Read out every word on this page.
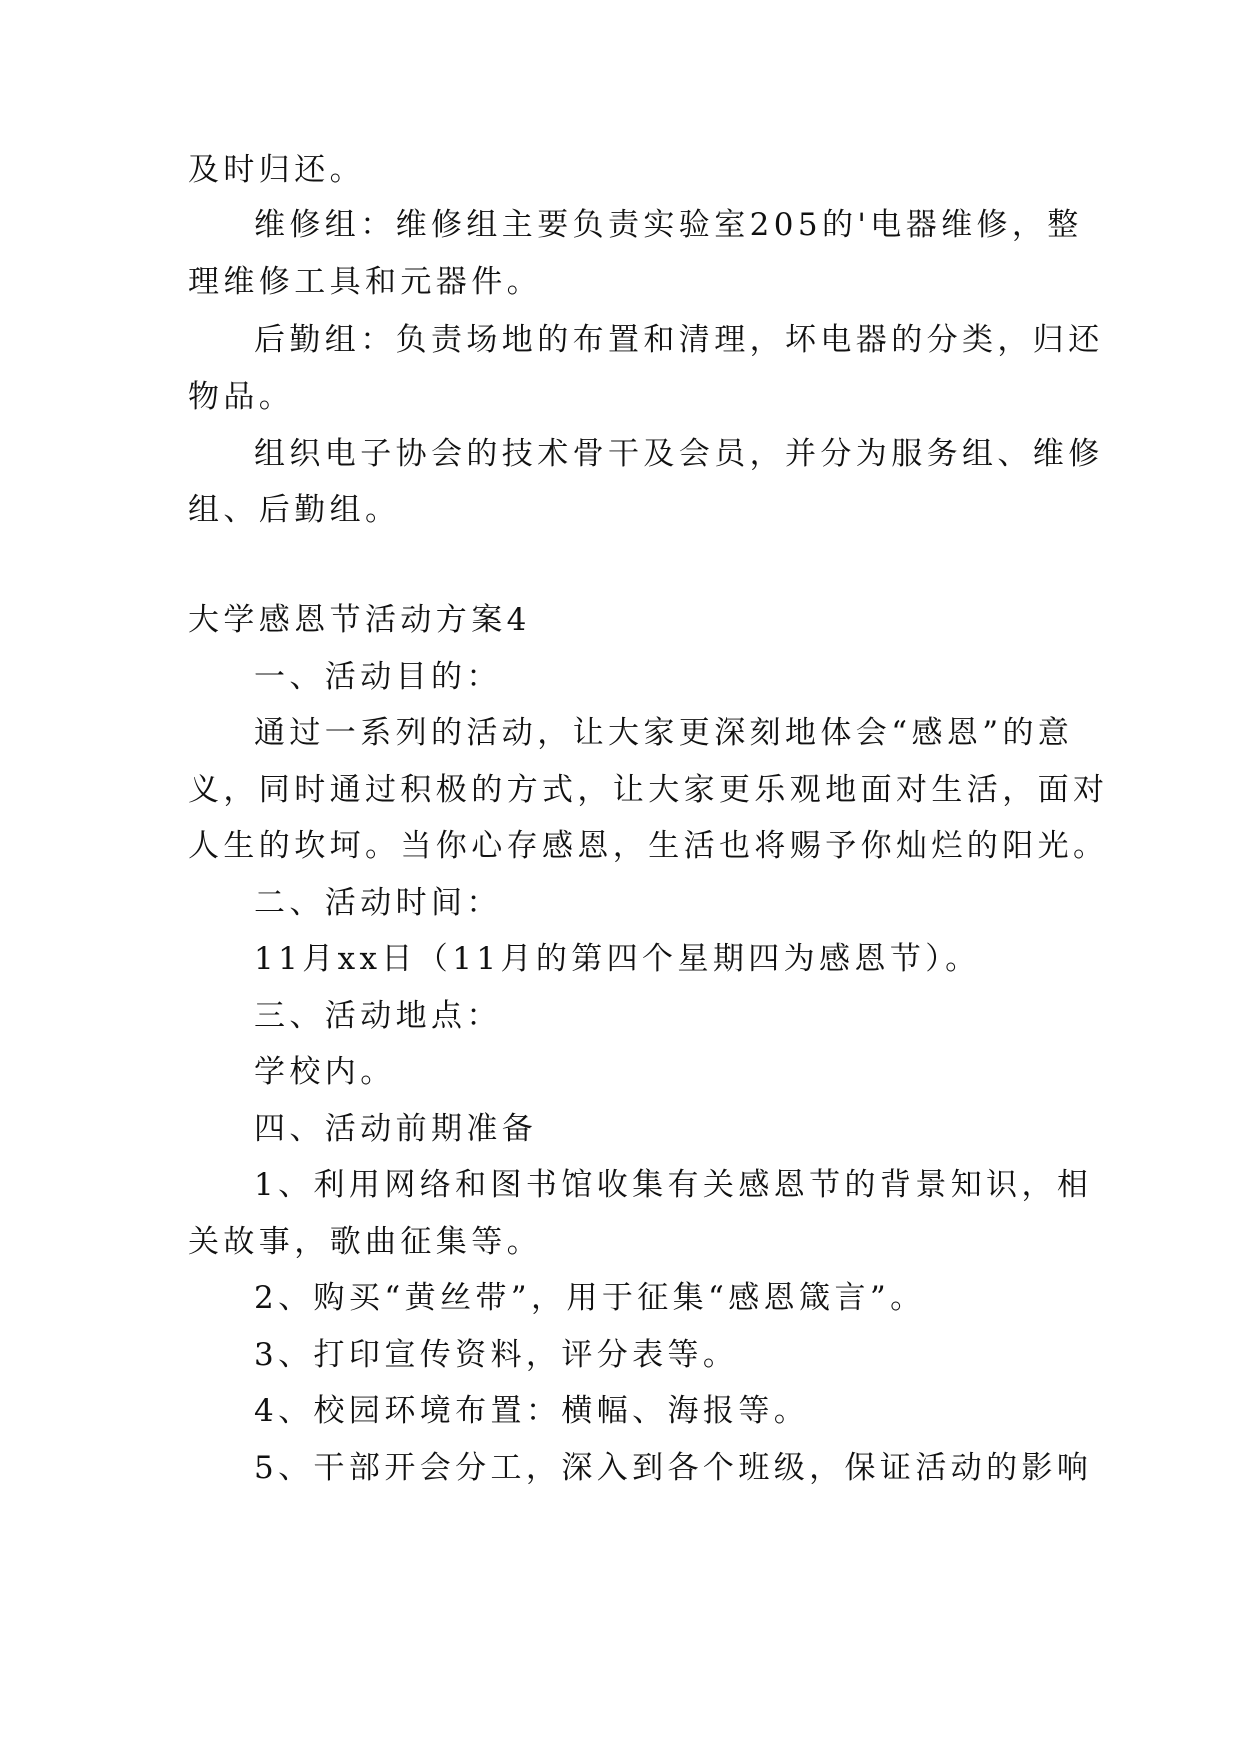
及时归还。
维修组：维修组主要负责实验室205的'电器维修，整
理维修工具和元器件。
后勤组：负责场地的布置和清理，坏电器的分类，归还
物品。
组织电子协会的技术骨干及会员，并分为服务组、维修
组、后勤组。
大学感恩节活动方案4
一、活动目的：
通过一系列的活动，让大家更深刻地体会“感恩”的意
义，同时通过积极的方式，让大家更乐观地面对生活，面对
人生的坎坷。当你心存感恩，生活也将赐予你灿烂的阳光。
二、活动时间：
11月xx日（11月的第四个星期四为感恩节）。
三、活动地点：
学校内。
四、活动前期准备
1、利用网络和图书馆收集有关感恩节的背景知识，相
关故事，歌曲征集等。
2、购买“黄丝带”，用于征集“感恩箴言”。
3、打印宣传资料，评分表等。
4、校园环境布置：横幅、海报等。
5、干部开会分工，深入到各个班级，保证活动的影响
